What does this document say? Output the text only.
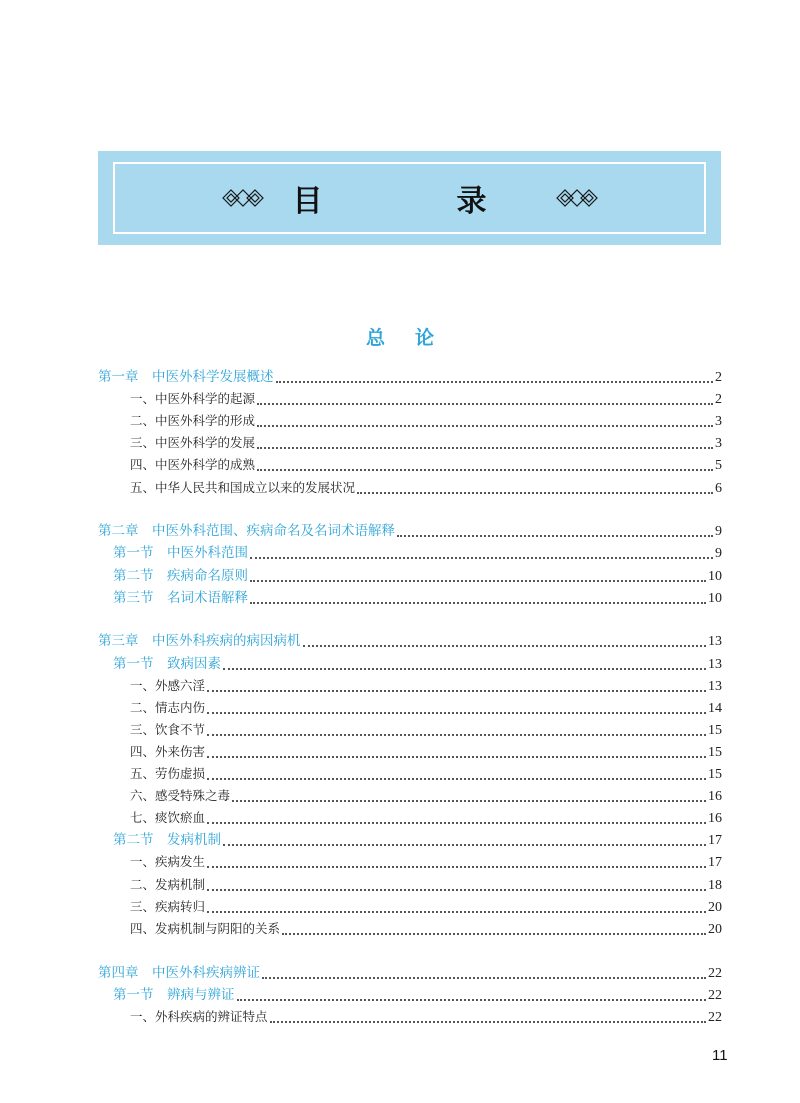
目　录
总论
第一章　中医外科学发展概述	2
一、中医外科学的起源	2
二、中医外科学的形成	3
三、中医外科学的发展	3
四、中医外科学的成熟	5
五、中华人民共和国成立以来的发展状况	6
第二章　中医外科范围、疾病命名及名词术语解释	9
第一节　中医外科范围	9
第二节　疾病命名原则	10
第三节　名词术语解释	10
第三章　中医外科疾病的病因病机	13
第一节　致病因素	13
一、外感六淫	13
二、情志内伤	14
三、饮食不节	15
四、外来伤害	15
五、劳伤虚损	15
六、感受特殊之毒	16
七、痰饮瘀血	16
第二节　发病机制	17
一、疾病发生	17
二、发病机制	18
三、疾病转归	20
四、发病机制与阴阳的关系	20
第四章　中医外科疾病辨证	22
第一节　辨病与辨证	22
一、外科疾病的辨证特点	22
11
